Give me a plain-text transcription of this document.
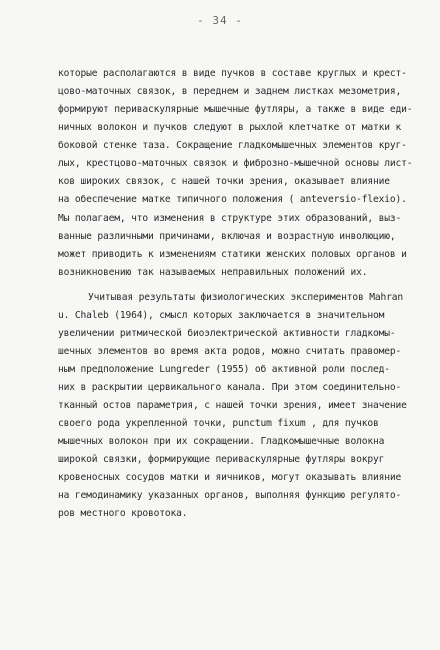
- 34 -
которые располагаются в виде пучков в составе круглых и крест-
цово-маточных связок, в переднем и заднем листках мезометрия,
формируют периваскулярные мышечные футляры, а также в виде еди-
ничных волокон и пучков следуют в рыхлой клетчатке от матки к
боковой стенке таза. Сокращение гладкомышечных элементов круг-
лых, крестцово-маточных связок и фиброзно-мышечной основы лист-
ков широких связок, с нашей точки зрения, оказывает влияние
на обеспечение матке типичного положения ( anteversio-flexio).
Мы полагаем, что изменения в структуре этих образований, выз-
ванные различными причинами, включая и возрастную инволюцию,
может приводить к изменениям статики женских половых органов и
возникновению так называемых неправильных положений их.
Учитывая результаты физиологических экспериментов Mahran
u. Chaleb (1964), смысл которых заключается в значительном
увеличении ритмической биоэлектрической активности гладкомы-
шечных элементов во время акта родов, можно считать правомер-
ным предположение Lungreder (1955) об активной роли послед-
них в раскрытии цервикального канала. При этом соединительно-
тканный остов параметрия, с нашей точки зрения, имеет значение
своего рода укрепленной точки, punctum fixum , для пучков
мышечных волокон при их сокращении. Гладкомышечные волокна
широкой связки, формирующие периваскулярные футляры вокруг
кровеносных сосудов матки и яичников, могут оказывать влияние
на гемодинамику указанных органов, выполняя функцию регулято-
ров местного кровотока.
